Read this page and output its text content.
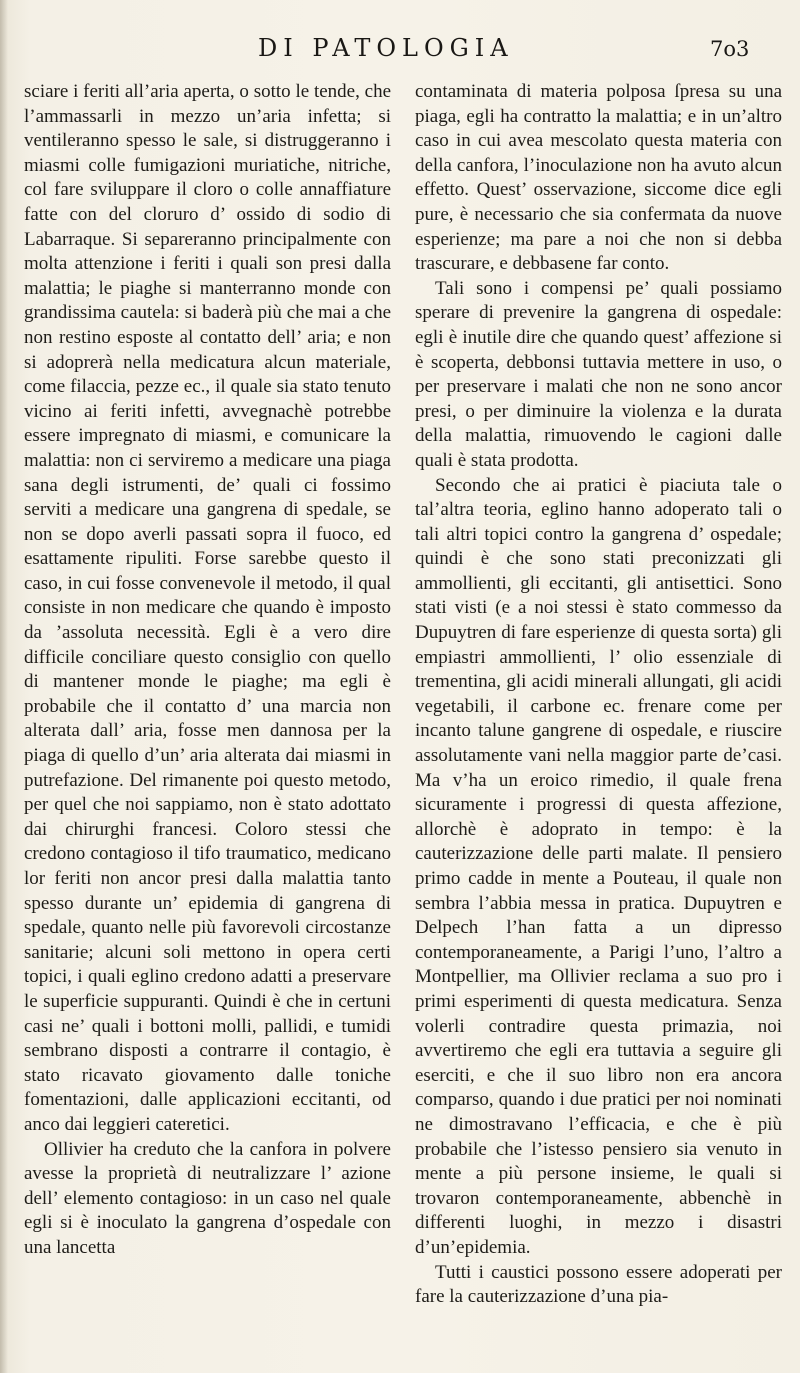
DI PATOLOGIA	7o3

sciare i feriti all’aria aperta, o sotto le tende, che l’ammassarli in mezzo un’aria infetta; si ventileranno spesso le sale, si distruggeranno i miasmi colle fumigazioni muriatiche, nitriche, col fare sviluppare il cloro o colle annaffiature fatte con del cloruro d’ ossido di sodio di Labarraque. Si separeranno principalmente con molta attenzione i feriti i quali son presi dalla malattia; le piaghe si manterranno monde con grandissima cautela: si baderà più che mai a che non restino esposte al contatto dell’ aria; e non si adoprerà nella medicatura alcun materiale, come filaccia, pezze ec., il quale sia stato tenuto vicino ai feriti infetti, avvegnachè potrebbe essere impregnato di miasmi, e comunicare la malattia: non ci serviremo a medicare una piaga sana degli istrumenti, de’ quali ci fossimo serviti a medicare una gangrena di spedale, se non se dopo averli passati sopra il fuoco, ed esattamente ripuliti. Forse sarebbe questo il caso, in cui fosse convenevole il metodo, il qual consiste in non medicare che quando è imposto da ’assoluta necessità. Egli è a vero dire difficile conciliare questo consiglio con quello di mantener monde le piaghe; ma egli è probabile che il contatto d’ una marcia non alterata dall’ aria, fosse men dannosa per la piaga di quello d’un’ aria alterata dai miasmi in putrefazione. Del rimanente poi questo metodo, per quel che noi sappiamo, non è stato adottato dai chirurghi francesi. Coloro stessi che credono contagioso il tifo traumatico, medicano lor feriti non ancor presi dalla malattia tanto spesso durante un’ epidemia di gangrena di spedale, quanto nelle più favorevoli circostanze sanitarie; alcuni soli mettono in opera certi topici, i quali eglino credono adatti a preservare le superficie suppuranti. Quindi è che in certuni casi ne’ quali i bottoni molli, pallidi, e tumidi sembrano disposti a contrarre il contagio, è stato ricavato giovamento dalle toniche fomentazioni, dalle applicazioni eccitanti, od anco dai leggieri cateretici.

Ollivier ha creduto che la canfora in polvere avesse la proprietà di neutralizzare l’ azione dell’ elemento contagioso: in un caso nel quale egli si è inoculato la gangrena d’ospedale con una lancetta

contaminata di materia polposa ſpresa su una piaga, egli ha contratto la malattia; e in un’altro caso in cui avea mescolato questa materia con della canfora, l’inoculazione non ha avuto alcun effetto. Quest’ osservazione, siccome dice egli pure, è necessario che sia confermata da nuove esperienze; ma pare a noi che non si debba trascurare, e debbasene far conto.

Tali sono i compensi pe’ quali possiamo sperare di prevenire la gangrena di ospedale: egli è inutile dire che quando quest’ affezione si è scoperta, debbonsi tuttavia mettere in uso, o per preservare i malati che non ne sono ancor presi, o per diminuire la violenza e la durata della malattia, rimuovendo le cagioni dalle quali è stata prodotta.

Secondo che ai pratici è piaciuta tale o tal’altra teoria, eglino hanno adoperato tali o tali altri topici contro la gangrena d’ ospedale; quindi è che sono stati preconizzati gli ammollienti, gli eccitanti, gli antisettici. Sono stati visti (e a noi stessi è stato commesso da Dupuytren di fare esperienze di questa sorta) gli empiastri ammollienti, l’ olio essenziale di trementina, gli acidi minerali allungati, gli acidi vegetabili, il carbone ec. frenare come per incanto talune gangrene di ospedale, e riuscire assolutamente vani nella maggior parte de’casi. Ma v’ha un eroico rimedio, il quale frena sicuramente i progressi di questa affezione, allorchè è adoprato in tempo: è la cauterizzazione delle parti malate. Il pensiero primo cadde in mente a Pouteau, il quale non sembra l’abbia messa in pratica. Dupuytren e Delpech l’han fatta a un dipresso contemporaneamente, a Parigi l’uno, l’altro a Montpellier, ma Ollivier reclama a suo pro i primi esperimenti di questa medicatura. Senza volerli contradire questa primazia, noi avvertiremo che egli era tuttavia a seguire gli eserciti, e che il suo libro non era ancora comparso, quando i due pratici per noi nominati ne dimostravano l’efficacia, e che è più probabile che l’istesso pensiero sia venuto in mente a più persone insieme, le quali si trovaron contemporaneamente, abbenchè in differenti luoghi, in mezzo i disastri d’un’epidemia.

Tutti i caustici possono essere adoperati per fare la cauterizzazione d’una pia-
